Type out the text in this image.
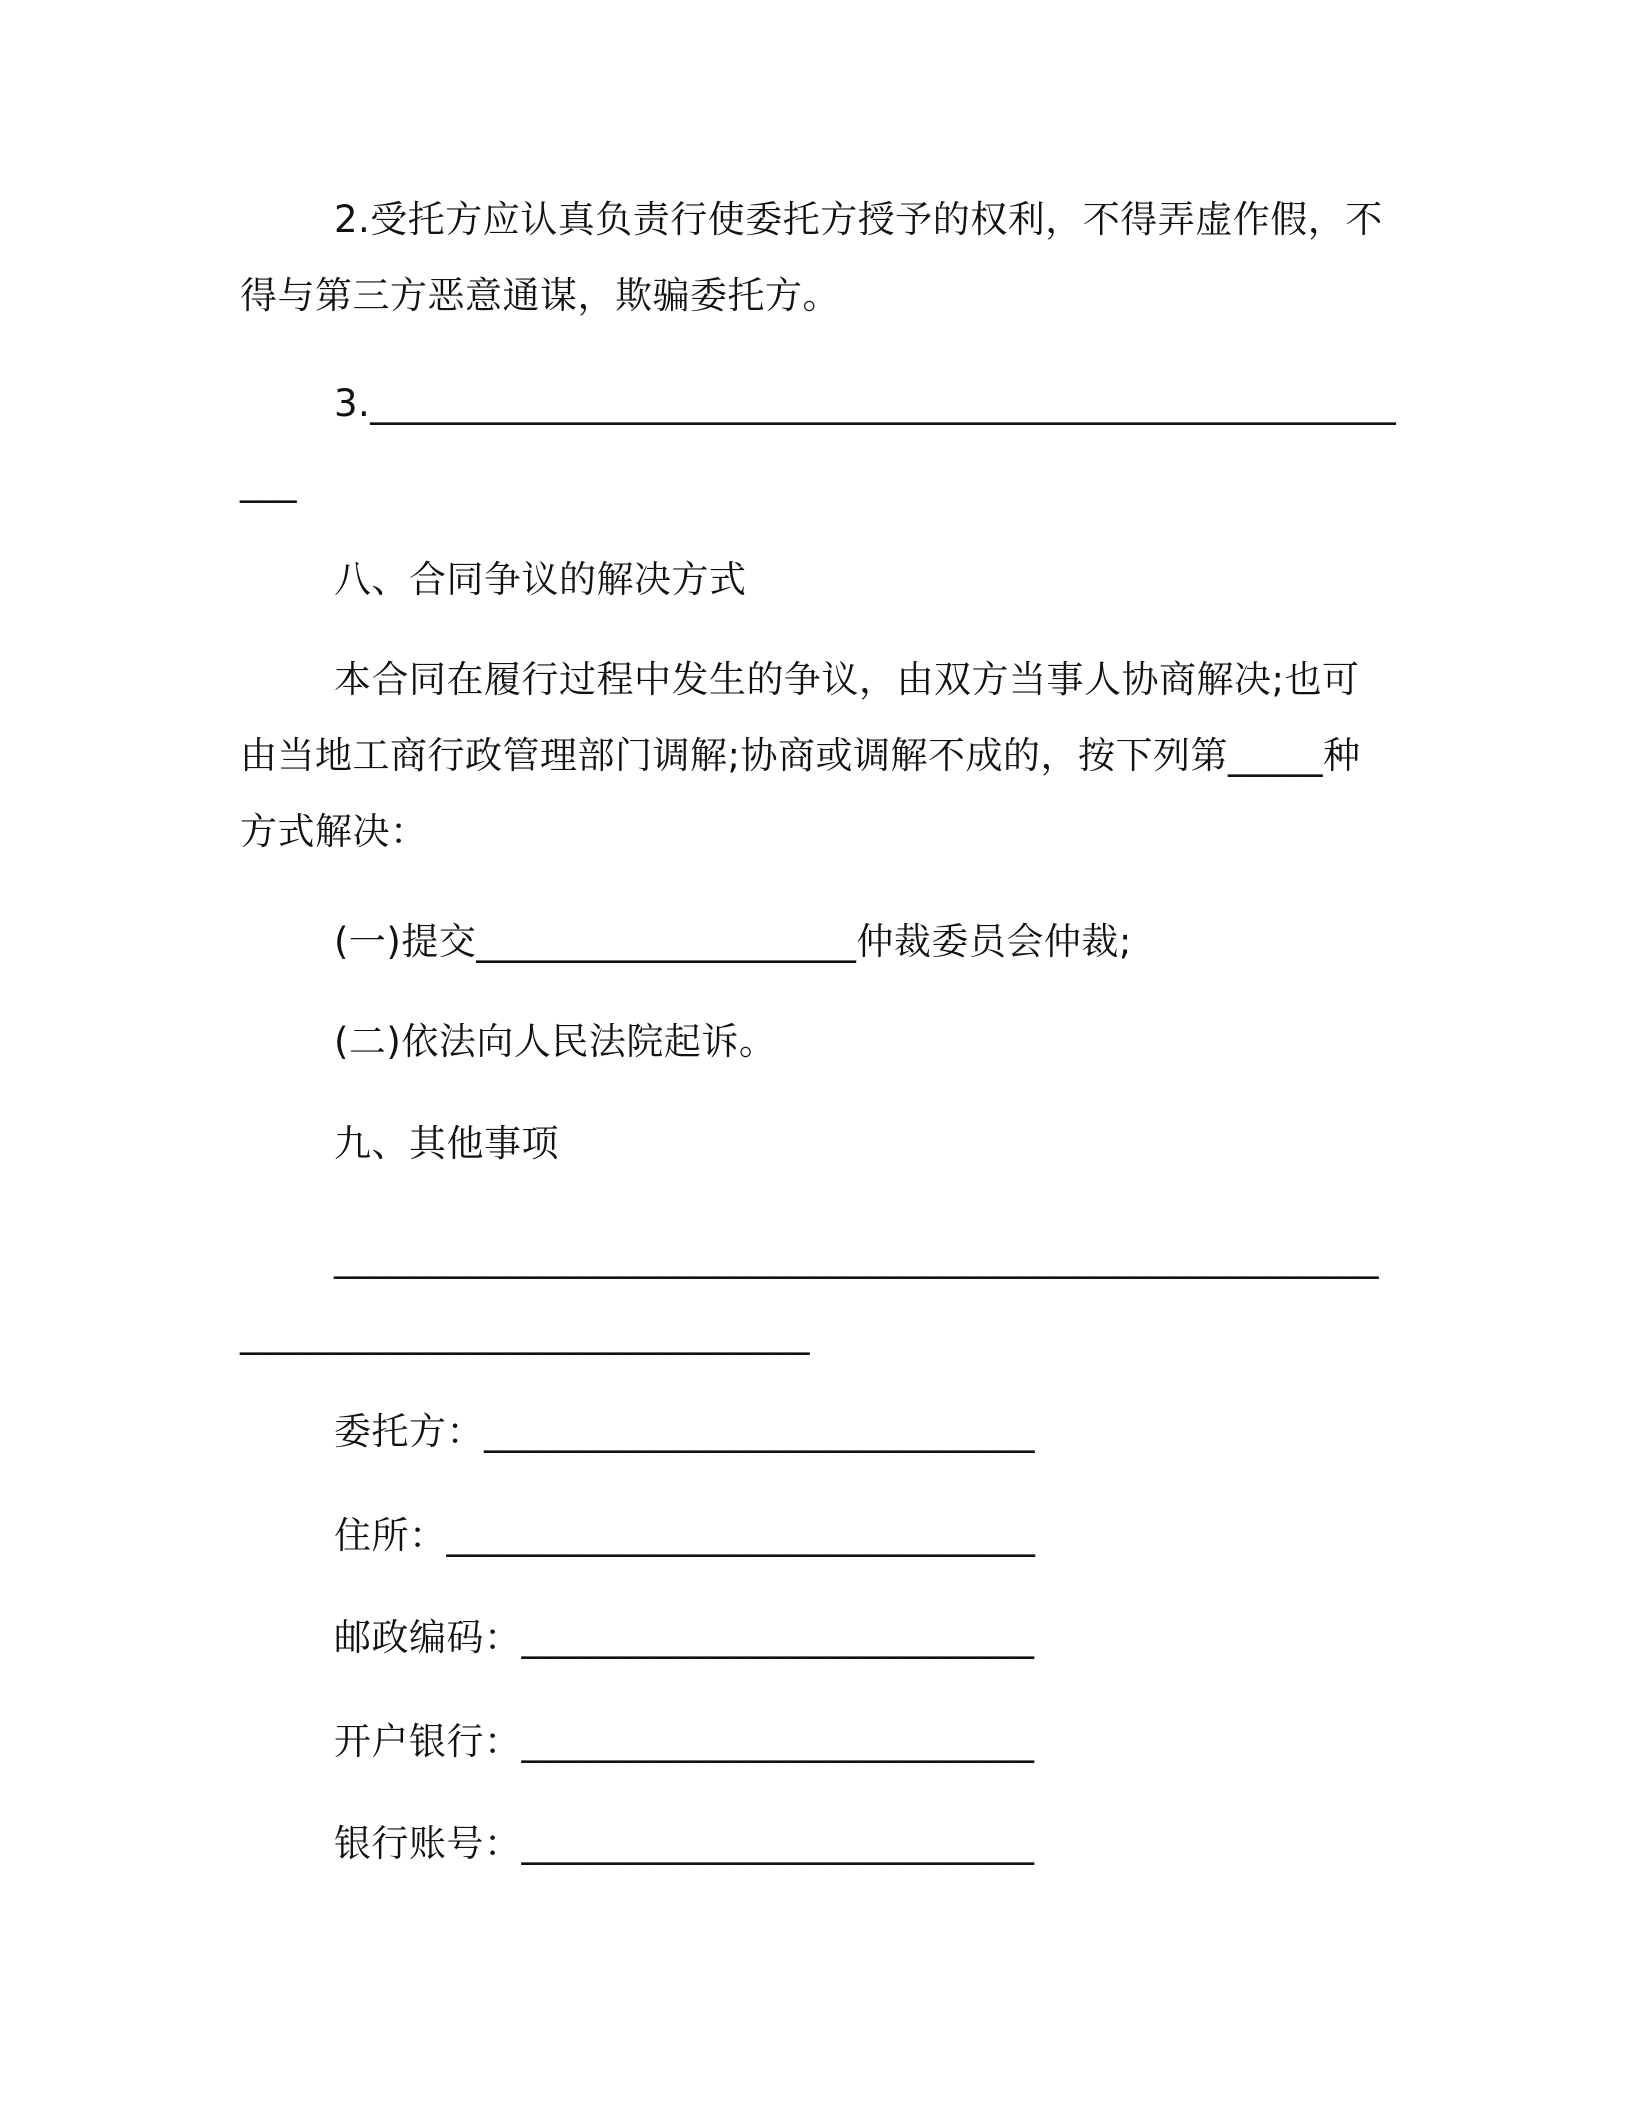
2.受托方应认真负责行使委托方授予的权利，不得弄虚作假，不
得与第三方恶意通谋，欺骗委托方。
3.______________________________________________________
___
八、合同争议的解决方式
本合同在履行过程中发生的争议，由双方当事人协商解决;也可
由当地工商行政管理部门调解;协商或调解不成的，按下列第_____种
方式解决：
(一)提交____________________仲裁委员会仲裁;
(二)依法向人民法院起诉。
九、其他事项
_______________________________________________________
______________________________
委托方：_____________________________
住所：_______________________________
邮政编码：___________________________
开户银行：___________________________
银行账号：___________________________
